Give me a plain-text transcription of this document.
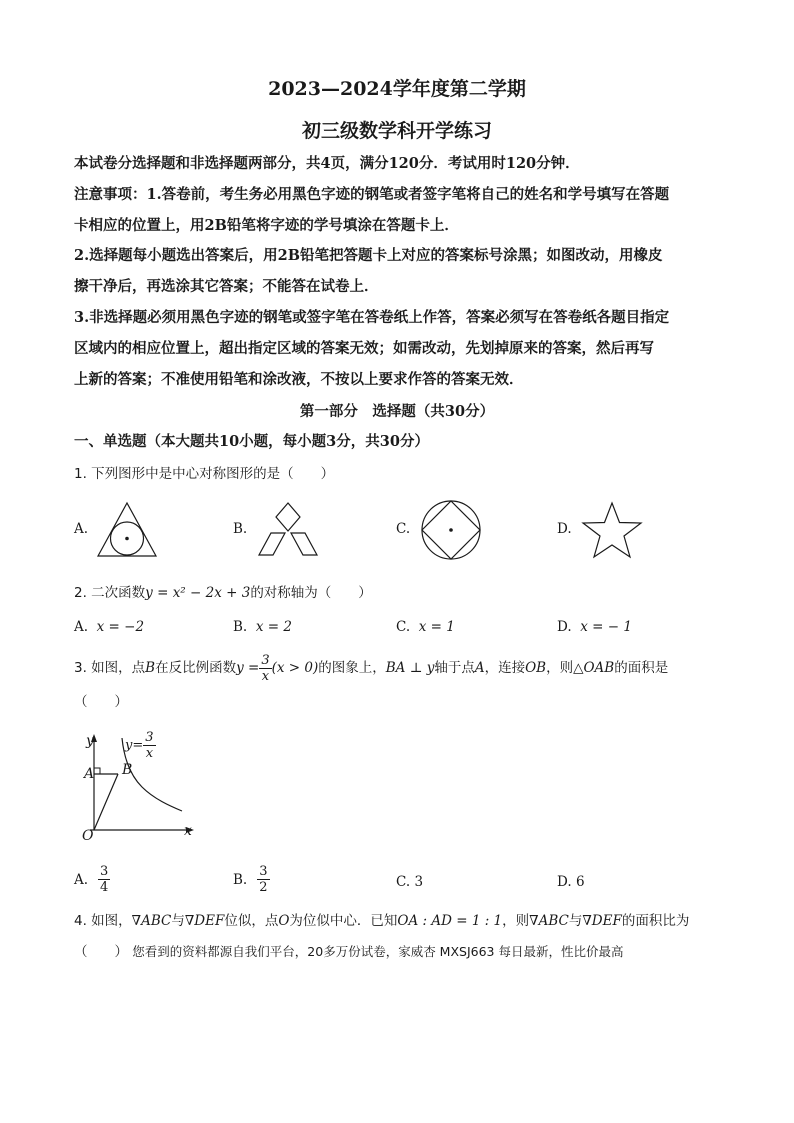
2023—2024学年度第二学期
初三级数学科开学练习
本试卷分选择题和非选择题两部分，共4页，满分120分．考试用时120分钟．
注意事项：1.答卷前，考生务必用黑色字迹的钢笔或者签字笔将自己的姓名和学号填写在答题
卡相应的位置上，用2B铅笔将字迹的学号填涂在答题卡上．
2.选择题每小题选出答案后，用2B铅笔把答题卡上对应的答案标号涂黑；如图改动，用橡皮
擦干净后，再选涂其它答案；不能答在试卷上．
3.非选择题必须用黑色字迹的钢笔或签字笔在答卷纸上作答，答案必须写在答卷纸各题目指定
区域内的相应位置上，超出指定区域的答案无效；如需改动，先划掉原来的答案，然后再写
上新的答案；不准使用铅笔和涂改液，不按以上要求作答的答案无效．
第一部分　选择题（共30分）
一、单选题（本大题共10小题，每小题3分，共30分）
1. 下列图形中是中心对称图形的是（　　）
A.	B.	C.	D.
2. 二次函数y = x² − 2x + 3的对称轴为（　　）
A. x = −2	B. x = 2	C. x = 1	D. x = − 1
3. 如图，点B在反比例函数$y = \frac{3}{x} (x > 0)$的图象上，BA ⊥ y轴于点A，连接OB，则△OAB的面积是
（　　）
y
x
O
A B
$y= \frac{3}{x}$
A. $\frac{3}{4}$	B. $\frac{3}{2}$	C. 3	D. 6
4. 如图，∇ABC与∇DEF位似，点O为位似中心．已知OA : AD = 1 : 1，则∇ABC与∇DEF的面积比为
（　　） 您看到的资料都源自我们平台，20多万份试卷，家威杏 MXSJ663 每日最新，性比价最高
